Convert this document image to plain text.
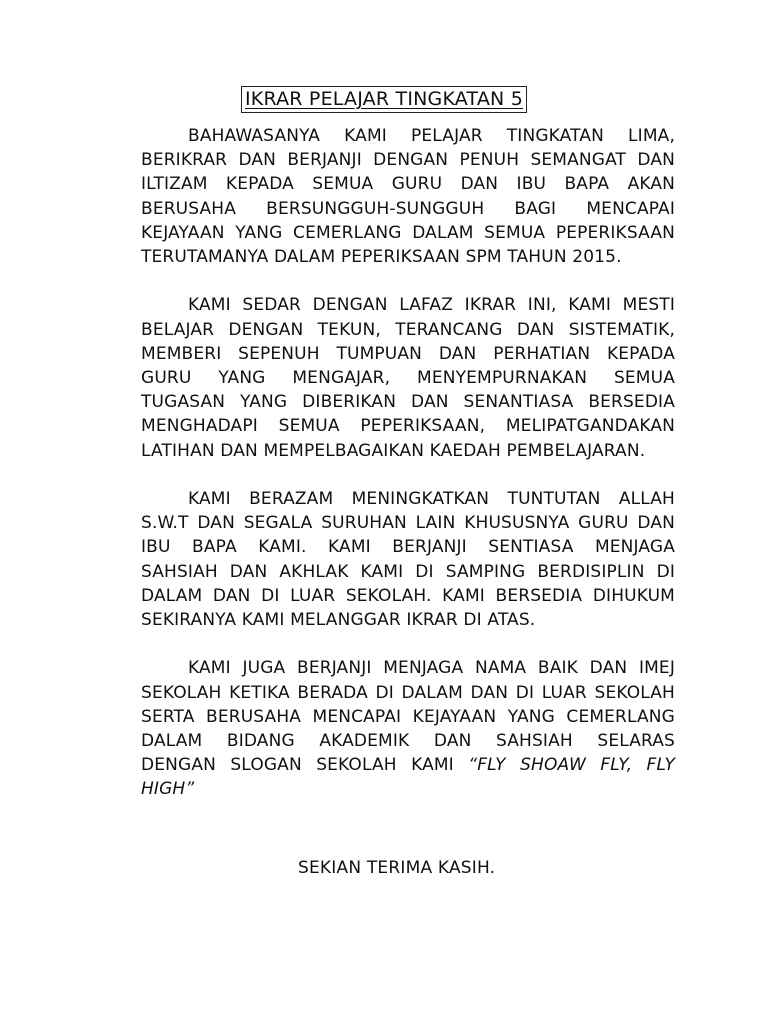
IKRAR PELAJAR TINGKATAN 5
BAHAWASANYA KAMI PELAJAR TINGKATAN LIMA,
BERIKRAR DAN BERJANJI DENGAN PENUH SEMANGAT DAN
ILTIZAM KEPADA SEMUA GURU DAN IBU BAPA AKAN
BERUSAHA BERSUNGGUH-SUNGGUH BAGI MENCAPAI
KEJAYAAN YANG CEMERLANG DALAM SEMUA PEPERIKSAAN
TERUTAMANYA DALAM PEPERIKSAAN SPM TAHUN 2015.
KAMI SEDAR DENGAN LAFAZ IKRAR INI, KAMI MESTI
BELAJAR DENGAN TEKUN, TERANCANG DAN SISTEMATIK,
MEMBERI SEPENUH TUMPUAN DAN PERHATIAN KEPADA
GURU YANG MENGAJAR, MENYEMPURNAKAN SEMUA
TUGASAN YANG DIBERIKAN DAN SENANTIASA BERSEDIA
MENGHADAPI SEMUA PEPERIKSAAN, MELIPATGANDAKAN
LATIHAN DAN MEMPELBAGAIKAN KAEDAH PEMBELAJARAN.
KAMI BERAZAM MENINGKATKAN TUNTUTAN ALLAH
S.W.T DAN SEGALA SURUHAN LAIN KHUSUSNYA GURU DAN
IBU BAPA KAMI. KAMI BERJANJI SENTIASA MENJAGA
SAHSIAH DAN AKHLAK KAMI DI SAMPING BERDISIPLIN DI
DALAM DAN DI LUAR SEKOLAH. KAMI BERSEDIA DIHUKUM
SEKIRANYA KAMI MELANGGAR IKRAR DI ATAS.
KAMI JUGA BERJANJI MENJAGA NAMA BAIK DAN IMEJ
SEKOLAH KETIKA BERADA DI DALAM DAN DI LUAR SEKOLAH
SERTA BERUSAHA MENCAPAI KEJAYAAN YANG CEMERLANG
DALAM BIDANG AKADEMIK DAN SAHSIAH SELARAS
DENGAN SLOGAN SEKOLAH KAMI “FLY SHOAW FLY, FLY
HIGH”
SEKIAN TERIMA KASIH.
